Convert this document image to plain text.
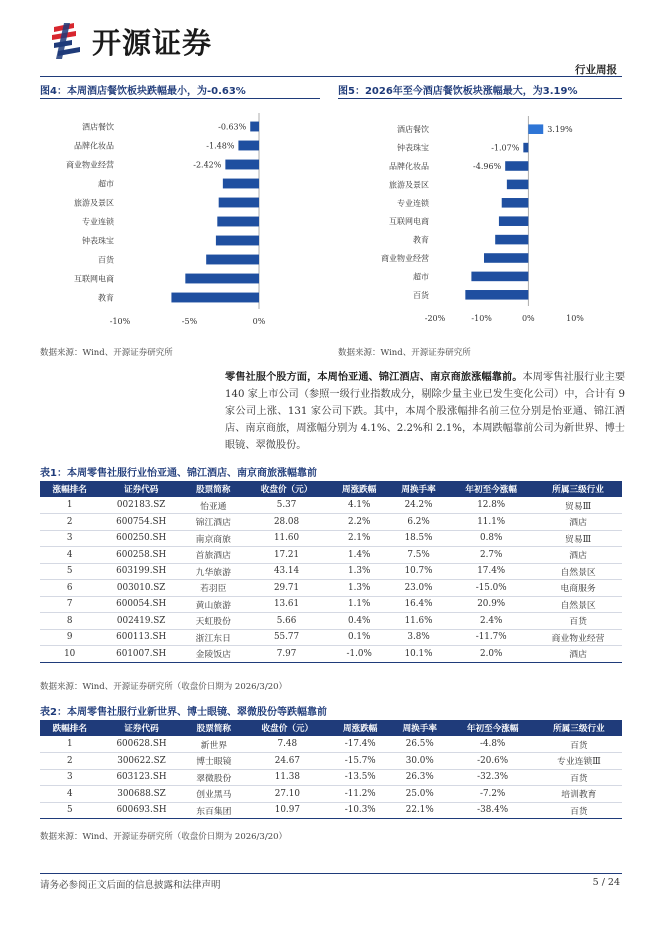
开源证券
行业周报
图4：本周酒店餐饮板块跌幅最小，为-0.63%
酒店餐饮	-0.63%
品牌化妆品	-1.48%
商业物业经营	-2.42%
超市
旅游及景区
专业连锁
钟表珠宝
百货
互联网电商
教育
-10%	-5%	0%
数据来源：Wind、开源证券研究所
图5：2026年至今酒店餐饮板块涨幅最大，为3.19%
酒店餐饮	3.19%
钟表珠宝	-1.07%
品牌化妆品	-4.96%
旅游及景区
专业连锁
互联网电商
教育
商业物业经营
超市
百货
-20%	-10%	0%	10%
数据来源：Wind、开源证券研究所
零售社服个股方面，本周怡亚通、锦江酒店、南京商旅涨幅靠前。本周零售社服行业主要 140 家上市公司（参照一级行业指数成分，剔除少量主业已发生变化公司）中，合计有 9 家公司上涨、131 家公司下跌。其中，本周个股涨幅排名前三位分别是怡亚通、锦江酒店、南京商旅，周涨幅分别为 4.1%、2.2%和 2.1%，本周跌幅靠前公司为新世界、博士眼镜、翠微股份。
表1：本周零售社服行业怡亚通、锦江酒店、南京商旅涨幅靠前
涨幅排名	证券代码	股票简称	收盘价（元）	周涨跌幅	周换手率	年初至今涨幅	所属三级行业
1	002183.SZ	怡亚通	5.37	4.1%	24.2%	12.8%	贸易Ⅲ
2	600754.SH	锦江酒店	28.08	2.2%	6.2%	11.1%	酒店
3	600250.SH	南京商旅	11.60	2.1%	18.5%	0.8%	贸易Ⅲ
4	600258.SH	首旅酒店	17.21	1.4%	7.5%	2.7%	酒店
5	603199.SH	九华旅游	43.14	1.3%	10.7%	17.4%	自然景区
6	003010.SZ	若羽臣	29.71	1.3%	23.0%	-15.0%	电商服务
7	600054.SH	黄山旅游	13.61	1.1%	16.4%	20.9%	自然景区
8	002419.SZ	天虹股份	5.66	0.4%	11.6%	2.4%	百货
9	600113.SH	浙江东日	55.77	0.1%	3.8%	-11.7%	商业物业经营
10	601007.SH	金陵饭店	7.97	-1.0%	10.1%	2.0%	酒店
数据来源：Wind、开源证券研究所（收盘价日期为 2026/3/20）
表2：本周零售社服行业新世界、博士眼镜、翠微股份等跌幅靠前
跌幅排名	证券代码	股票简称	收盘价（元）	周涨跌幅	周换手率	年初至今涨幅	所属三级行业
1	600628.SH	新世界	7.48	-17.4%	26.5%	-4.8%	百货
2	300622.SZ	博士眼镜	24.67	-15.7%	30.0%	-20.6%	专业连锁Ⅲ
3	603123.SH	翠微股份	11.38	-13.5%	26.3%	-32.3%	百货
4	300688.SZ	创业黑马	27.10	-11.2%	25.0%	-7.2%	培训教育
5	600693.SH	东百集团	10.97	-10.3%	22.1%	-38.4%	百货
数据来源：Wind、开源证券研究所（收盘价日期为 2026/3/20）
请务必参阅正文后面的信息披露和法律声明	5 / 24
